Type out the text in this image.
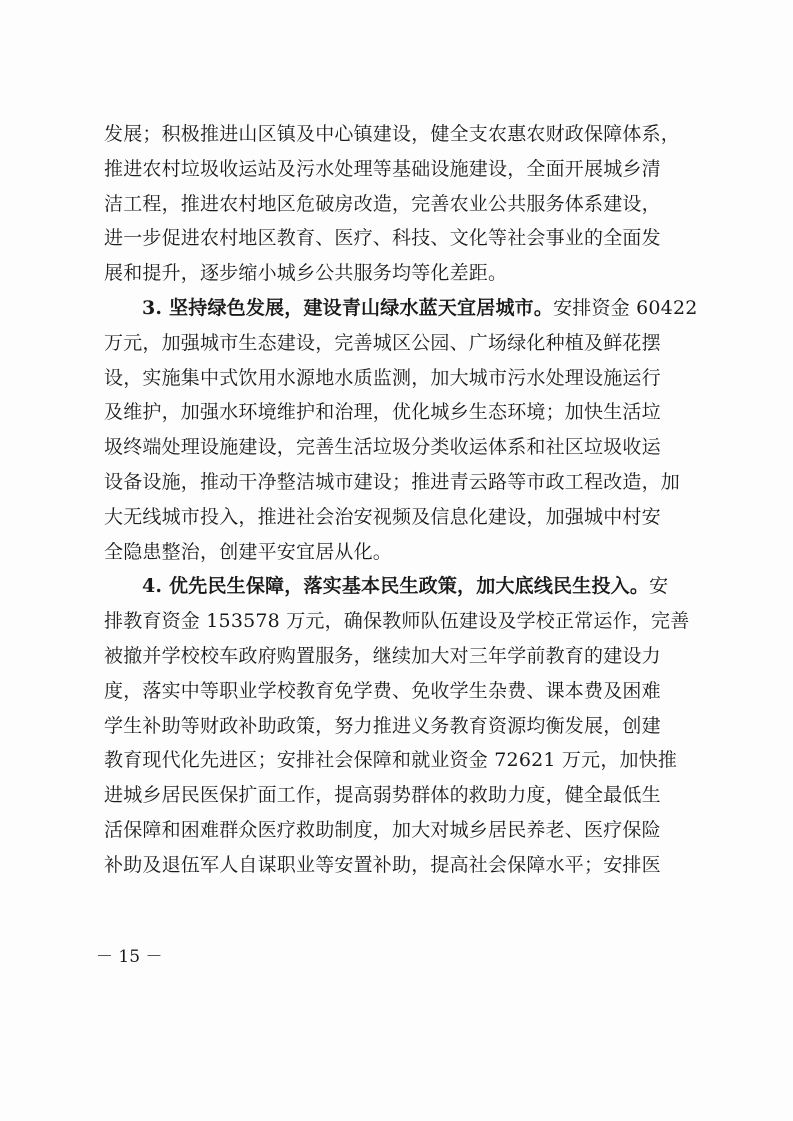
发展；积极推进山区镇及中心镇建设，健全支农惠农财政保障体系，
推进农村垃圾收运站及污水处理等基础设施建设，全面开展城乡清
洁工程，推进农村地区危破房改造，完善农业公共服务体系建设，
进一步促进农村地区教育、医疗、科技、文化等社会事业的全面发
展和提升，逐步缩小城乡公共服务均等化差距。
3. 坚持绿色发展，建设青山绿水蓝天宜居城市。安排资金 60422
万元，加强城市生态建设，完善城区公园、广场绿化种植及鲜花摆
设，实施集中式饮用水源地水质监测，加大城市污水处理设施运行
及维护，加强水环境维护和治理，优化城乡生态环境；加快生活垃
圾终端处理设施建设，完善生活垃圾分类收运体系和社区垃圾收运
设备设施，推动干净整洁城市建设；推进青云路等市政工程改造，加
大无线城市投入，推进社会治安视频及信息化建设，加强城中村安
全隐患整治，创建平安宜居从化。
4. 优先民生保障，落实基本民生政策，加大底线民生投入。安
排教育资金 153578 万元，确保教师队伍建设及学校正常运作，完善
被撤并学校校车政府购置服务，继续加大对三年学前教育的建设力
度，落实中等职业学校教育免学费、免收学生杂费、课本费及困难
学生补助等财政补助政策，努力推进义务教育资源均衡发展，创建
教育现代化先进区；安排社会保障和就业资金 72621 万元，加快推
进城乡居民医保扩面工作，提高弱势群体的救助力度，健全最低生
活保障和困难群众医疗救助制度，加大对城乡居民养老、医疗保险
补助及退伍军人自谋职业等安置补助，提高社会保障水平；安排医
－ 15 －
